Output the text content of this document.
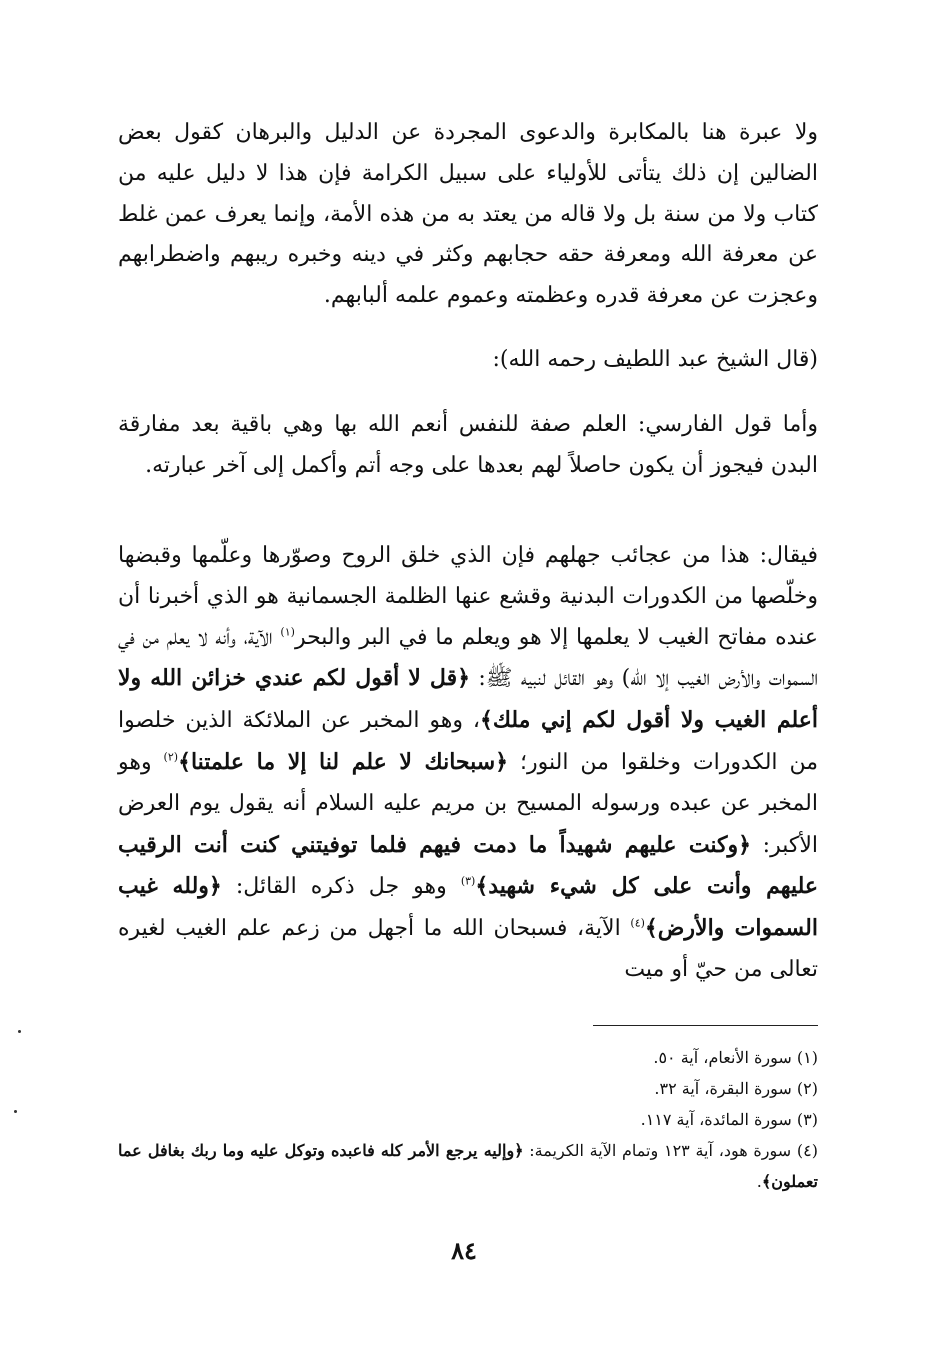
ولا عبرة هنا بالمكابرة والدعوى المجردة عن الدليل والبرهان كقول بعض الضالين إن ذلك يتأتى للأولياء على سبيل الكرامة فإن هذا لا دليل عليه من كتاب ولا من سنة بل ولا قاله من يعتد به من هذه الأمة، وإنما يعرف عمن غلط عن معرفة الله ومعرفة حقه حجابهم وكثر في دينه وخبره ريبهم واضطرابهم وعجزت عن معرفة قدره وعظمته وعموم علمه ألبابهم.

(قال الشيخ عبد اللطيف رحمه الله):

وأما قول الفارسي: العلم صفة للنفس أنعم الله بها وهي باقية بعد مفارقة البدن فيجوز أن يكون حاصلاً لهم بعدها على وجه أتم وأكمل إلى آخر عبارته.

فيقال: هذا من عجائب جهلهم فإن الذي خلق الروح وصوّرها وعلّمها وقبضها وخلّصها من الكدورات البدنية وقشع عنها الظلمة الجسمانية هو الذي أخبرنا أن عنده مفاتح الغيب لا يعلمها إلا هو ويعلم ما في البر والبحر$^{(١)}$ الآية، وأنه لا يعلم من في السموات والأرض الغيب إلا الله) وهو القائل لنبيه ﷺ: ﴿قل لا أقول لكم عندي خزائن الله ولا أعلم الغيب ولا أقول لكم إني ملك﴾، وهو المخبر عن الملائكة الذين خلصوا من الكدورات وخلقوا من النور؛ ﴿سبحانك لا علم لنا إلا ما علمتنا﴾$^{(٢)}$ وهو المخبر عن عبده ورسوله المسيح بن مريم عليه السلام أنه يقول يوم العرض الأكبر: ﴿وكنت عليهم شهيداً ما دمت فيهم فلما توفيتني كنت أنت الرقيب عليهم وأنت على كل شيء شهيد﴾$^{(٣)}$ وهو جل ذكره القائل: ﴿ولله غيب السموات والأرض﴾$^{(٤)}$ الآية، فسبحان الله ما أجهل من زعم علم الغيب لغيره تعالى من حيّ أو ميت

(١) سورة الأنعام، آية ٥٠.

(٢) سورة البقرة، آية ٣٢.

(٣) سورة المائدة، آية ١١٧.

(٤) سورة هود، آية ١٢٣ وتمام الآية الكريمة: ﴿وإليه يرجع الأمر كله فاعبده وتوكل عليه وما ربك بغافل عما تعملون﴾.

٨٤
